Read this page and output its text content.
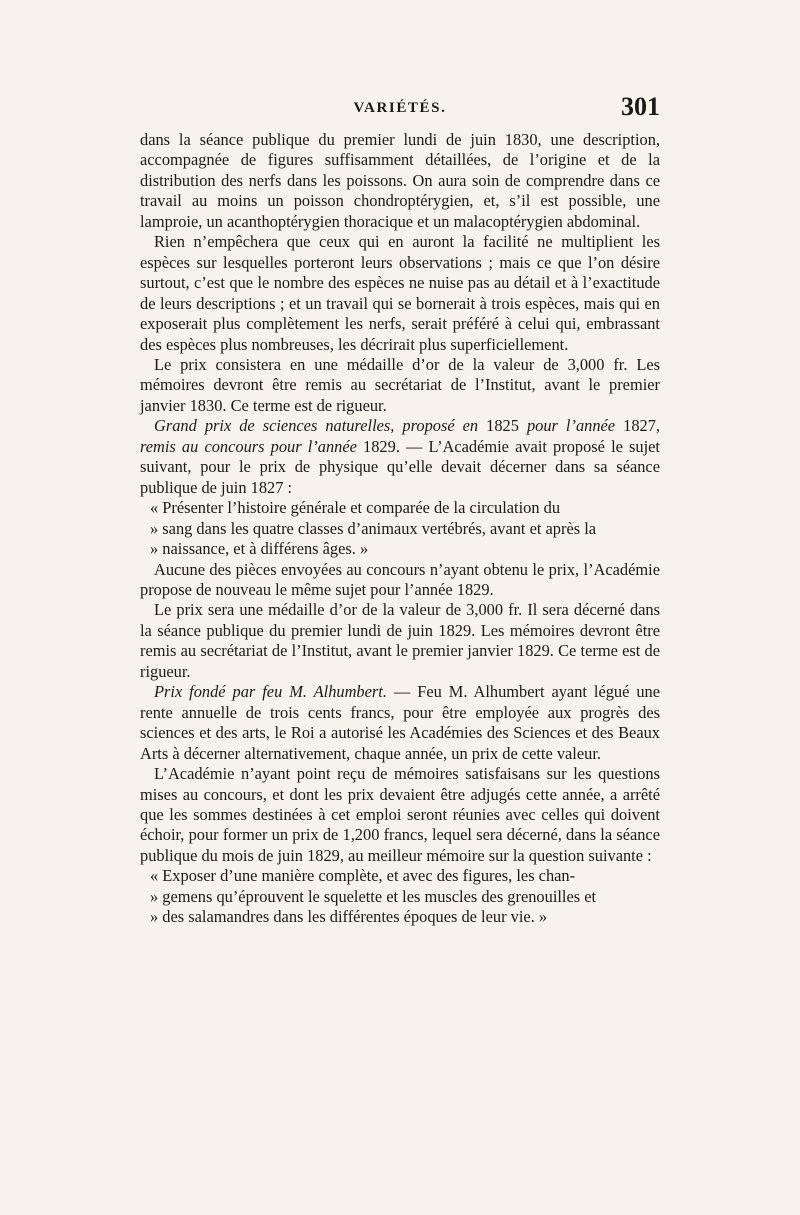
VARIÉTÉS.	301

dans la séance publique du premier lundi de juin 1830, une description, accompagnée de figures suffisamment détaillées, de l’origine et de la distribution des nerfs dans les poissons. On aura soin de comprendre dans ce travail au moins un poisson chondroptérygien, et, s’il est possible, une lamproie, un acanthoptérygien thoracique et un malacoptérygien abdominal.

Rien n’empêchera que ceux qui en auront la facilité ne multiplient les espèces sur lesquelles porteront leurs observations ; mais ce que l’on désire surtout, c’est que le nombre des espèces ne nuise pas au détail et à l’exactitude de leurs descriptions ; et un travail qui se bornerait à trois espèces, mais qui en exposerait plus complètement les nerfs, serait préféré à celui qui, embrassant des espèces plus nombreuses, les décrirait plus superficiellement.

Le prix consistera en une médaille d’or de la valeur de 3,000 fr. Les mémoires devront être remis au secrétariat de l’Institut, avant le premier janvier 1830. Ce terme est de rigueur.

Grand prix de sciences naturelles, proposé en 1825 pour l’année 1827, remis au concours pour l’année 1829. — L’Académie avait proposé le sujet suivant, pour le prix de physique qu’elle devait décerner dans sa séance publique de juin 1827 :

« Présenter l’histoire générale et comparée de la circulation du
» sang dans les quatre classes d’animaux vertébrés, avant et après la
» naissance, et à différens âges. »

Aucune des pièces envoyées au concours n’ayant obtenu le prix, l’Académie propose de nouveau le même sujet pour l’année 1829.

Le prix sera une médaille d’or de la valeur de 3,000 fr. Il sera décerné dans la séance publique du premier lundi de juin 1829. Les mémoires devront être remis au secrétariat de l’Institut, avant le premier janvier 1829. Ce terme est de rigueur.

Prix fondé par feu M. Alhumbert. — Feu M. Alhumbert ayant légué une rente annuelle de trois cents francs, pour être employée aux progrès des sciences et des arts, le Roi a autorisé les Académies des Sciences et des Beaux Arts à décerner alternativement, chaque année, un prix de cette valeur.

L’Académie n’ayant point reçu de mémoires satisfaisans sur les questions mises au concours, et dont les prix devaient être adjugés cette année, a arrêté que les sommes destinées à cet emploi seront réunies avec celles qui doivent échoir, pour former un prix de 1,200 francs, lequel sera décerné, dans la séance publique du mois de juin 1829, au meilleur mémoire sur la question suivante :

« Exposer d’une manière complète, et avec des figures, les chan-
» gemens qu’éprouvent le squelette et les muscles des grenouilles et
» des salamandres dans les différentes époques de leur vie. »
